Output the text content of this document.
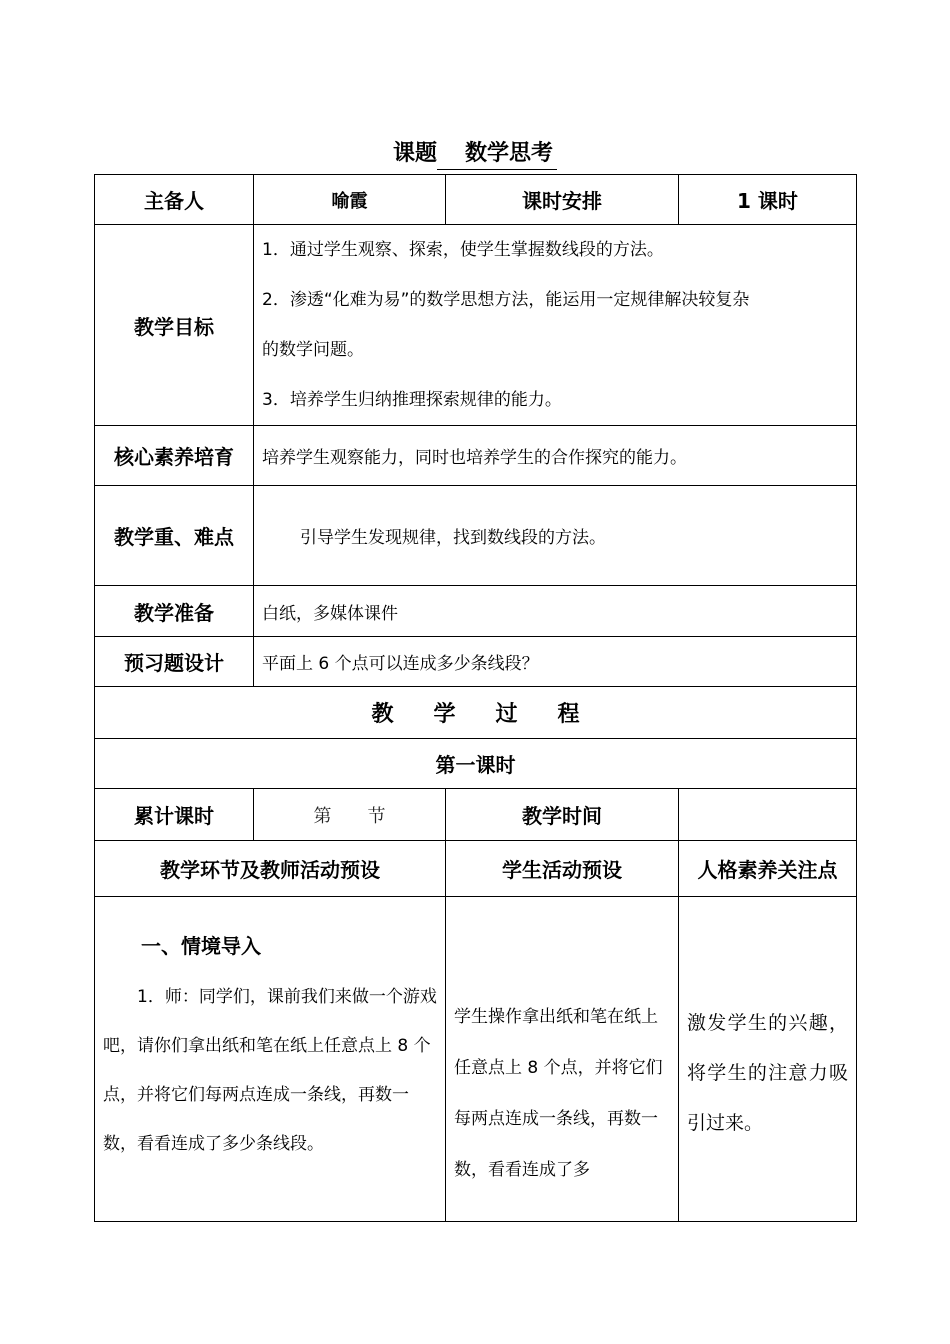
课题 数学思考
主备人	喻霞	课时安排	1 课时
教学目标	1．通过学生观察、探索，使学生掌握数线段的方法。

2．渗透“化难为易”的数学思想方法，能运用一定规律解决较复杂

的数学问题。

3．培养学生归纳推理探索规律的能力。		

核心素养培育	培养学生观察能力，同时也培养学生的合作探究的能力。		
教学重、难点	引导学生发现规律，找到数线段的方法。		
教学准备	白纸，多媒体课件		
预习题设计	平面上 6 个点可以连成多少条线段？		
教 学 过 程			
第一课时			
累计课时	第 节	教学时间	
教学环节及教师活动预设		学生活动预设	人格素养关注点

一、情境导入
1．师：同学们，课前我们来做一个游戏吧，请你们拿出纸和笔在纸上任意点上 8 个点，并将它们每两点连成一条线，再数一数，看看连成了多少条线段。		学生操作拿出纸和笔在纸上任意点上 8 个点，并将它们每两点连成一条线，再数一数，看看连成了多	激发学生的兴趣，将学生的注意力吸引过来。
